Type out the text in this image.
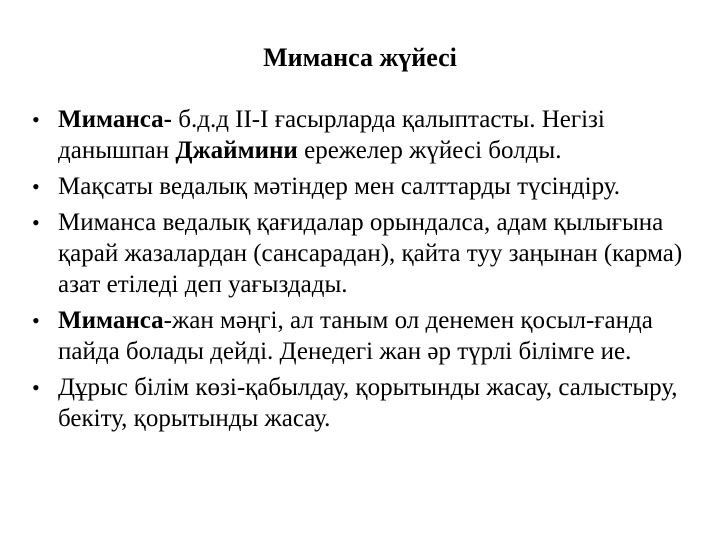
Миманса жүйесі
• Миманса- б.д.д II-I ғасырларда қалыптасты. Негізі данышпан Джаймини ережелер жүйесі болды.
• Мақсаты ведалық мәтіндер мен салттарды түсіндіру.
• Миманса ведалық қағидалар орындалса, адам қылығына қарай жазалардан (сансарадан), қайта туу заңынан (карма) азат етіледі деп уағыздады.
• Миманса-жан мәңгі, ал таным ол денемен қосыл-ғанда пайда болады дейді. Денедегі жан әр түрлі білімге ие.
• Дұрыс білім көзі-қабылдау, қорытынды жасау, салыстыру, бекіту, қорытынды жасау.
